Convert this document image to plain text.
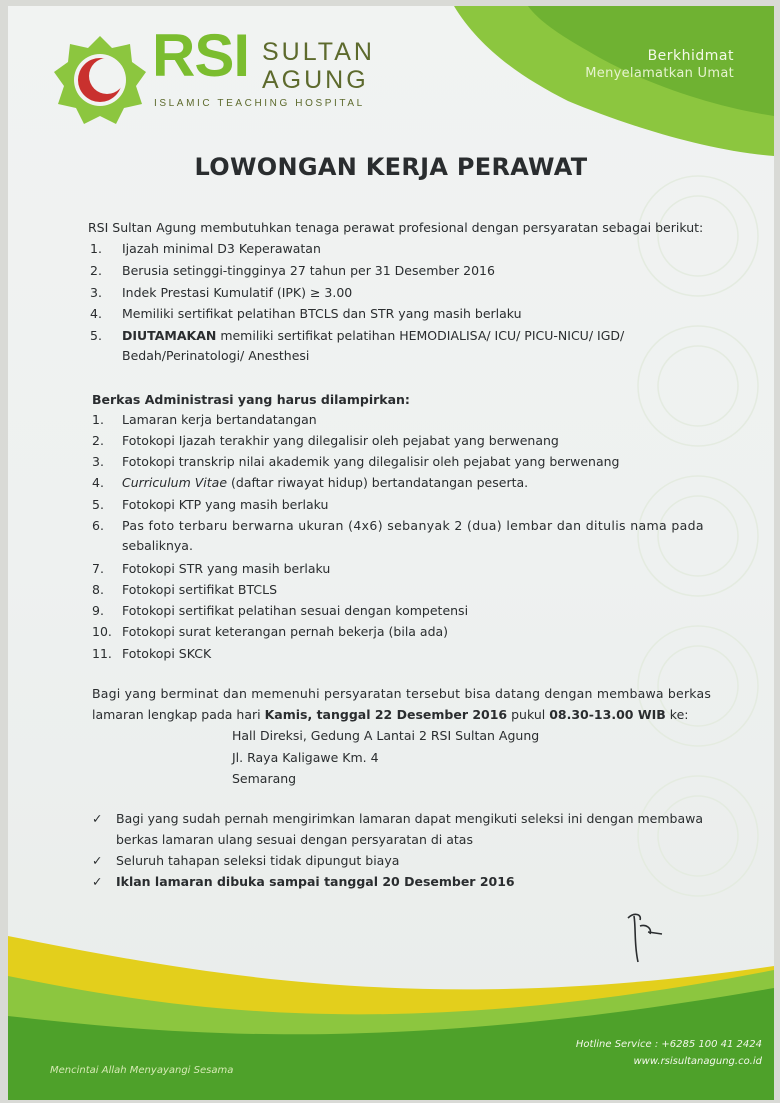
RSI SULTAN
AGUNG
ISLAMIC TEACHING HOSPITAL
Berkhidmat
Menyelamatkan Umat
LOWONGAN KERJA PERAWAT
RSI Sultan Agung membutuhkan tenaga perawat profesional dengan persyaratan sebagai berikut:
1. Ijazah minimal D3 Keperawatan
2. Berusia setinggi-tingginya 27 tahun per 31 Desember 2016
3. Indek Prestasi Kumulatif (IPK) ≥ 3.00
4. Memiliki sertifikat pelatihan BTCLS dan STR yang masih berlaku
5. DIUTAMAKAN memiliki sertifikat pelatihan HEMODIALISA/ ICU/ PICU-NICU/ IGD/
Bedah/Perinatologi/ Anesthesi
Berkas Administrasi yang harus dilampirkan:
1. Lamaran kerja bertandatangan
2. Fotokopi Ijazah terakhir yang dilegalisir oleh pejabat yang berwenang
3. Fotokopi transkrip nilai akademik yang dilegalisir oleh pejabat yang berwenang
4. Curriculum Vitae (daftar riwayat hidup) bertandatangan peserta.
5. Fotokopi KTP yang masih berlaku
6. Pas foto terbaru berwarna ukuran (4x6) sebanyak 2 (dua) lembar dan ditulis nama pada
sebaliknya.
7. Fotokopi STR yang masih berlaku
8. Fotokopi sertifikat BTCLS
9. Fotokopi sertifikat pelatihan sesuai dengan kompetensi
10. Fotokopi surat keterangan pernah bekerja (bila ada)
11. Fotokopi SKCK
Bagi yang berminat dan memenuhi persyaratan tersebut bisa datang dengan membawa berkas
lamaran lengkap pada hari Kamis, tanggal 22 Desember 2016 pukul 08.30-13.00 WIB ke:
Hall Direksi, Gedung A Lantai 2 RSI Sultan Agung
Jl. Raya Kaligawe Km. 4
Semarang
✓ Bagi yang sudah pernah mengirimkan lamaran dapat mengikuti seleksi ini dengan membawa
berkas lamaran ulang sesuai dengan persyaratan di atas
✓ Seluruh tahapan seleksi tidak dipungut biaya
✓ Iklan lamaran dibuka sampai tanggal 20 Desember 2016
Mencintai Allah Menyayangi Sesama
Hotline Service : +6285 100 41 2424
www.rsisultanagung.co.id
